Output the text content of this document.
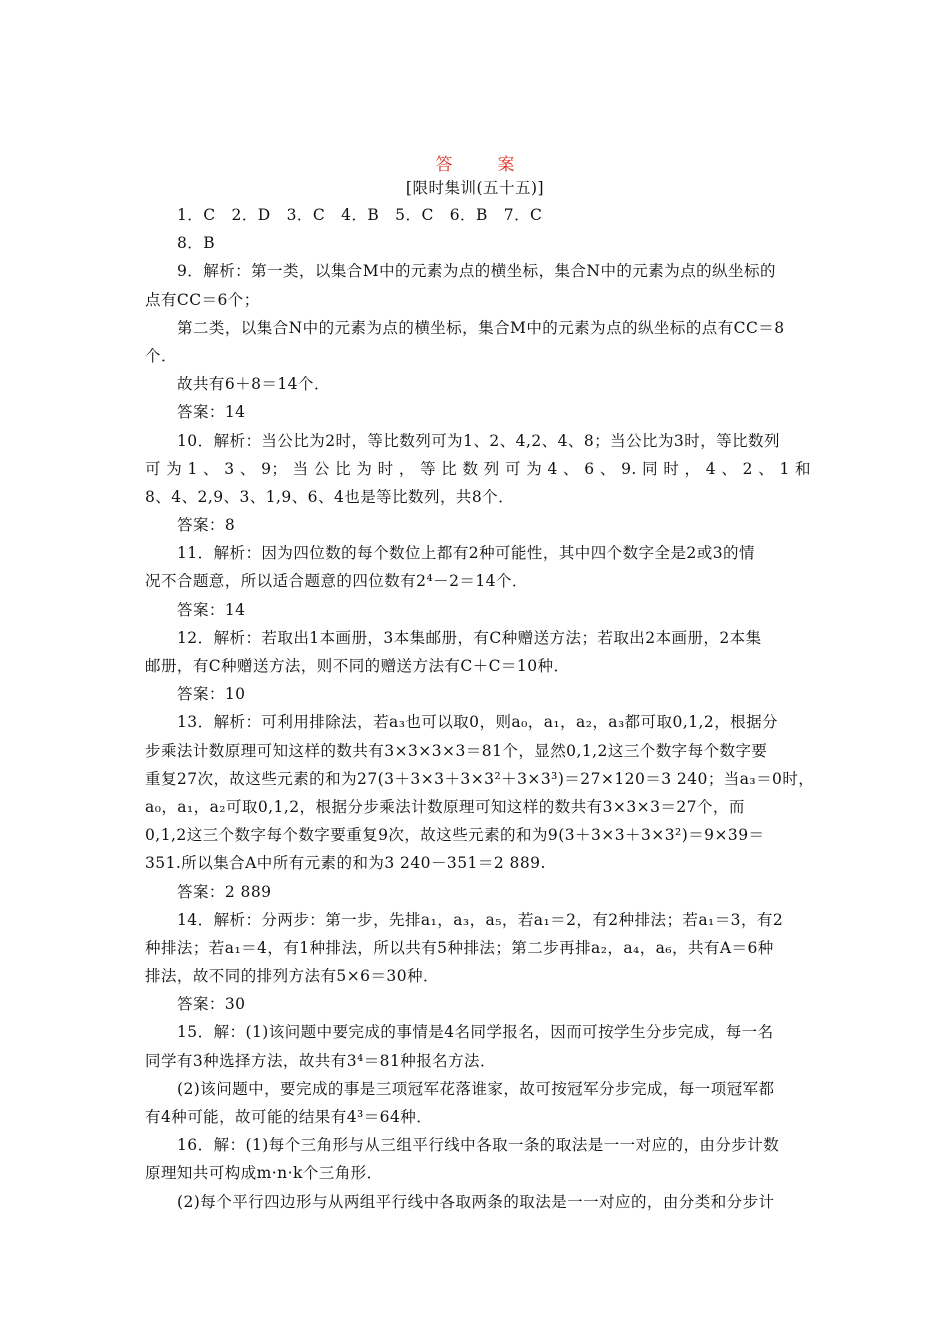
答　案
[限时集训(五十五)]
1．C　2．D　3．C　4．B　5．C　6．B　7．C
8．B
9．解析：第一类，以集合M中的元素为点的横坐标，集合N中的元素为点的纵坐标的
点有CC＝6个；
第二类，以集合N中的元素为点的横坐标，集合M中的元素为点的纵坐标的点有CC＝8
个．
故共有6＋8＝14个．
答案：14
10．解析：当公比为2时，等比数列可为1、2、4,2、4、8；当公比为3时，等比数列
可为1、3、9；当公比为时，等比数列可为4、6、9.同时，4、2、1和
8、4、2,9、3、1,9、6、4也是等比数列，共8个．
答案：8
11．解析：因为四位数的每个数位上都有2种可能性，其中四个数字全是2或3的情
况不合题意，所以适合题意的四位数有2⁴－2＝14个．
答案：14
12．解析：若取出1本画册，3本集邮册，有C种赠送方法；若取出2本画册，2本集
邮册，有C种赠送方法，则不同的赠送方法有C＋C＝10种．
答案：10
13．解析：可利用排除法，若a₃也可以取0，则a₀，a₁，a₂，a₃都可取0,1,2，根据分
步乘法计数原理可知这样的数共有3×3×3×3＝81个，显然0,1,2这三个数字每个数字要
重复27次，故这些元素的和为27(3＋3×3＋3×3²＋3×3³)＝27×120＝3 240；当a₃＝0时，
a₀，a₁，a₂可取0,1,2，根据分步乘法计数原理可知这样的数共有3×3×3＝27个，而
0,1,2这三个数字每个数字要重复9次，故这些元素的和为9(3＋3×3＋3×3²)＝9×39＝
351.所以集合A中所有元素的和为3 240－351＝2 889.
答案：2 889
14．解析：分两步：第一步，先排a₁，a₃，a₅，若a₁＝2，有2种排法；若a₁＝3，有2
种排法；若a₁＝4，有1种排法，所以共有5种排法；第二步再排a₂，a₄，a₆，共有A＝6种
排法，故不同的排列方法有5×6＝30种．
答案：30
15．解：(1)该问题中要完成的事情是4名同学报名，因而可按学生分步完成，每一名
同学有3种选择方法，故共有3⁴＝81种报名方法．
(2)该问题中，要完成的事是三项冠军花落谁家，故可按冠军分步完成，每一项冠军都
有4种可能，故可能的结果有4³＝64种．
16．解：(1)每个三角形与从三组平行线中各取一条的取法是一一对应的，由分步计数
原理知共可构成m·n·k个三角形．
(2)每个平行四边形与从两组平行线中各取两条的取法是一一对应的，由分类和分步计
